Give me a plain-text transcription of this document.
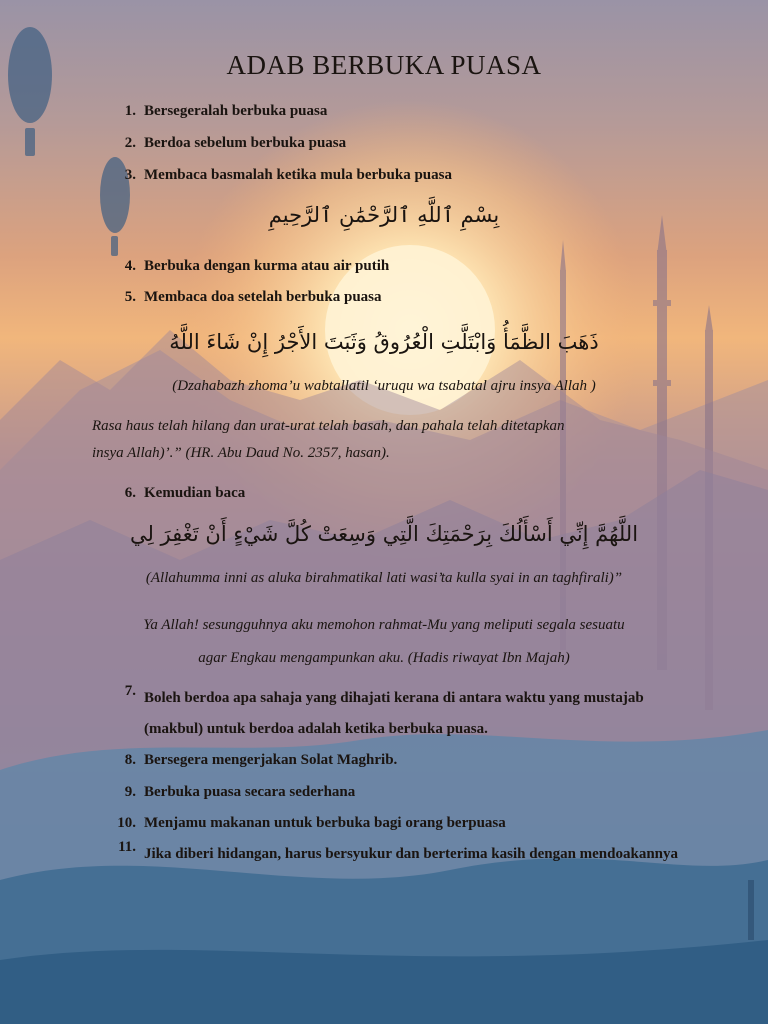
ADAB BERBUKA PUASA
1. Bersegeralah berbuka puasa
2. Berdoa sebelum berbuka puasa
3. Membaca basmalah ketika mula berbuka puasa
بِسْمِ ٱللَّهِ ٱلرَّحْمَٰنِ ٱلرَّحِيمِ
4. Berbuka dengan kurma atau air putih
5. Membaca doa setelah berbuka puasa
ذَهَبَ الظَّمَأُ وَابْتَلَّتِ الْعُرُوقُ وَثَبَتَ الأَجْرُ إِنْ شَاءَ اللَّهُ
(Dzahabazh zhoma’u wabtallatil ‘uruqu wa tsabatal ajru insya Allah )
Rasa haus telah hilang dan urat-urat telah basah, dan pahala telah ditetapkan
insya Allah)’.” (HR. Abu Daud No. 2357, hasan).
6. Kemudian baca
اللَّهُمَّ إِنِّي أَسْأَلُكَ بِرَحْمَتِكَ الَّتِي وَسِعَتْ كُلَّ شَيْءٍ أَنْ تَغْفِرَ لِي
(Allahumma inni as aluka birahmatikal lati wasi’ta kulla syai in an taghfirali)”
Ya Allah! sesungguhnya aku memohon rahmat-Mu yang meliputi segala sesuatu
agar Engkau mengampunkan aku. (Hadis riwayat Ibn Majah)
7. Boleh berdoa apa sahaja yang dihajati kerana di antara waktu yang mustajab (makbul) untuk berdoa adalah ketika berbuka puasa.
8. Bersegera mengerjakan Solat Maghrib.
9. Berbuka puasa secara sederhana
10. Menjamu makanan untuk berbuka bagi orang berpuasa
11. Jika diberi hidangan, harus bersyukur dan berterima kasih dengan mendoakannya
